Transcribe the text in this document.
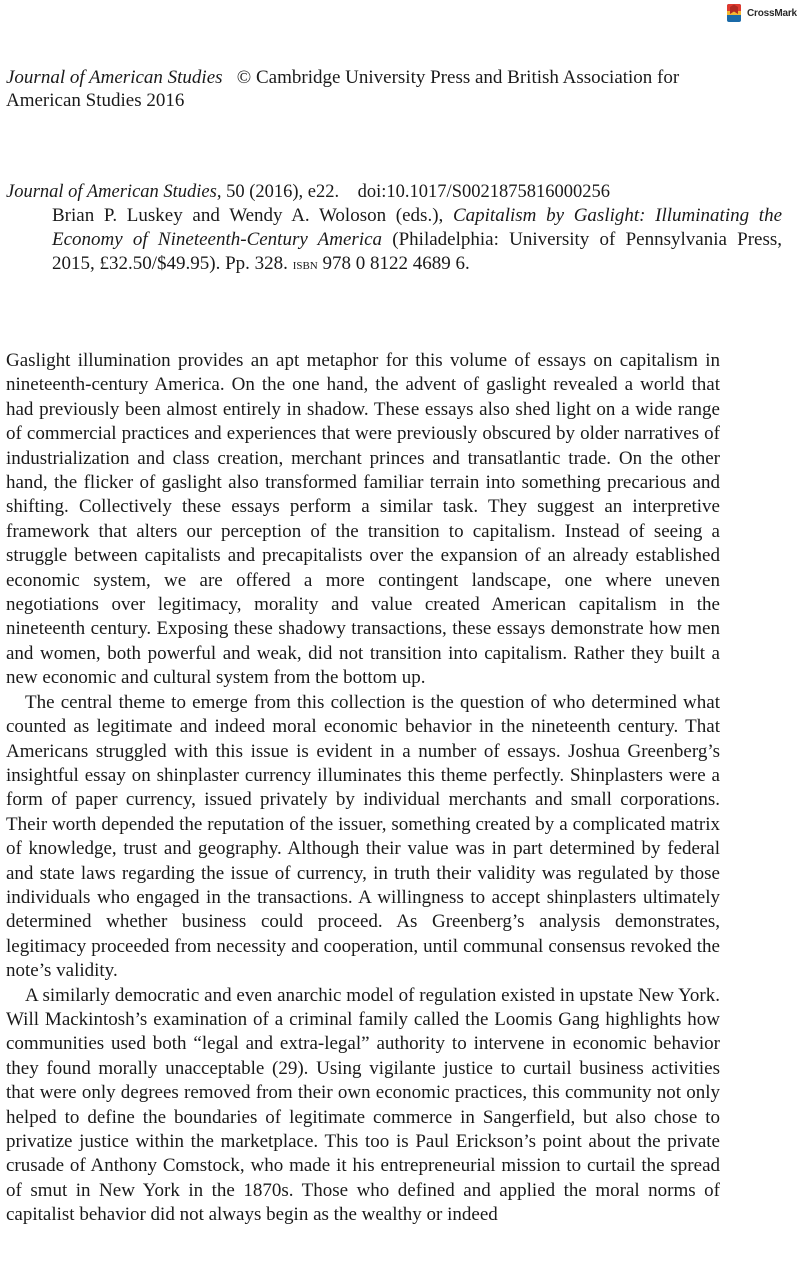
CrossMark
Journal of American Studies © Cambridge University Press and British Association for American Studies 2016
Journal of American Studies, 50 (2016), e22. doi:10.1017/S0021875816000256
Brian P. Luskey and Wendy A. Woloson (eds.), Capitalism by Gaslight: Illuminating the Economy of Nineteenth-Century America (Philadelphia: University of Pennsylvania Press, 2015, £32.50/$49.95). Pp. 328. isbn 978 0 8122 4689 6.

Gaslight illumination provides an apt metaphor for this volume of essays on capitalism in nineteenth-century America. On the one hand, the advent of gaslight revealed a world that had previously been almost entirely in shadow. These essays also shed light on a wide range of commercial practices and experiences that were previously obscured by older narratives of industrialization and class creation, merchant princes and transatlantic trade. On the other hand, the flicker of gaslight also transformed familiar terrain into something precarious and shifting. Collectively these essays perform a similar task. They suggest an interpretive framework that alters our perception of the transition to capitalism. Instead of seeing a struggle between capitalists and precapitalists over the expansion of an already established economic system, we are offered a more contingent landscape, one where uneven negotiations over legitimacy, morality and value created American capitalism in the nineteenth century. Exposing these shadowy transactions, these essays demonstrate how men and women, both powerful and weak, did not transition into capitalism. Rather they built a new economic and cultural system from the bottom up.

The central theme to emerge from this collection is the question of who determined what counted as legitimate and indeed moral economic behavior in the nineteenth century. That Americans struggled with this issue is evident in a number of essays. Joshua Greenberg’s insightful essay on shinplaster currency illuminates this theme perfectly. Shinplasters were a form of paper currency, issued privately by individual merchants and small corporations. Their worth depended the reputation of the issuer, something created by a complicated matrix of knowledge, trust and geography. Although their value was in part determined by federal and state laws regarding the issue of currency, in truth their validity was regulated by those individuals who engaged in the transactions. A willingness to accept shinplasters ultimately determined whether business could proceed. As Greenberg’s analysis demonstrates, legitimacy proceeded from necessity and cooperation, until communal consensus revoked the note’s validity.

A similarly democratic and even anarchic model of regulation existed in upstate New York. Will Mackintosh’s examination of a criminal family called the Loomis Gang highlights how communities used both “legal and extra-legal” authority to intervene in economic behavior they found morally unacceptable (29). Using vigilante justice to curtail business activities that were only degrees removed from their own economic practices, this community not only helped to define the boundaries of legitimate commerce in Sangerfield, but also chose to privatize justice within the marketplace. This too is Paul Erickson’s point about the private crusade of Anthony Comstock, who made it his entrepreneurial mission to curtail the spread of smut in New York in the 1870s. Those who defined and applied the moral norms of capitalist behavior did not always begin as the wealthy or indeed
